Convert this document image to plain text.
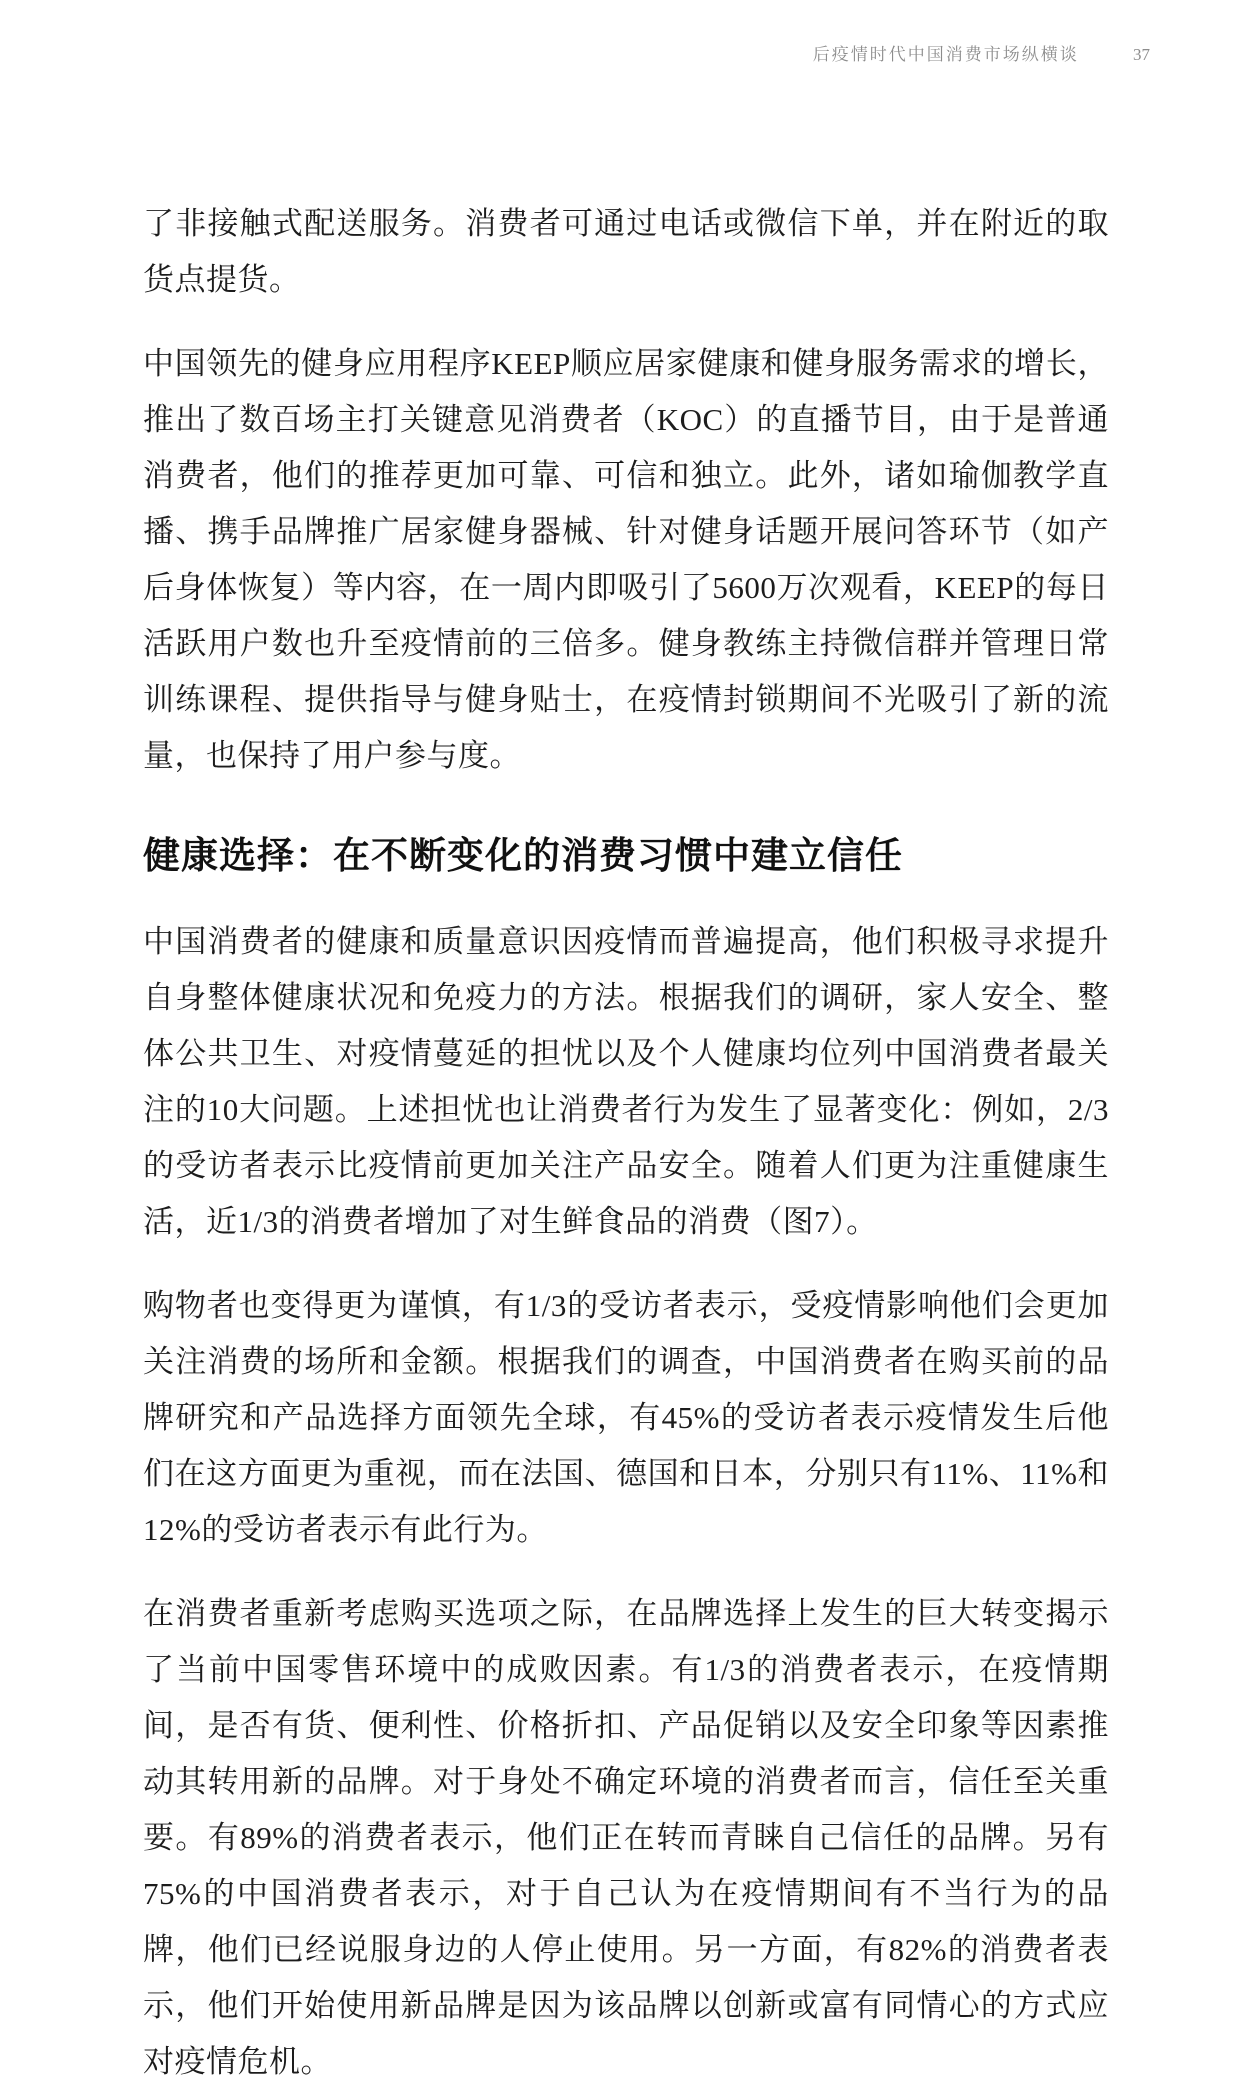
后疫情时代中国消费市场纵横谈	37

了非接触式配送服务。消费者可通过电话或微信下单，并在附近的取货点提货。

中国领先的健身应用程序KEEP顺应居家健康和健身服务需求的增长，推出了数百场主打关键意见消费者（KOC）的直播节目，由于是普通消费者，他们的推荐更加可靠、可信和独立。此外，诸如瑜伽教学直播、携手品牌推广居家健身器械、针对健身话题开展问答环节（如产后身体恢复）等内容，在一周内即吸引了5600万次观看，KEEP的每日活跃用户数也升至疫情前的三倍多。健身教练主持微信群并管理日常训练课程、提供指导与健身贴士，在疫情封锁期间不光吸引了新的流量，也保持了用户参与度。

健康选择：在不断变化的消费习惯中建立信任

中国消费者的健康和质量意识因疫情而普遍提高，他们积极寻求提升自身整体健康状况和免疫力的方法。根据我们的调研，家人安全、整体公共卫生、对疫情蔓延的担忧以及个人健康均位列中国消费者最关注的10大问题。上述担忧也让消费者行为发生了显著变化：例如，2/3的受访者表示比疫情前更加关注产品安全。随着人们更为注重健康生活，近1/3的消费者增加了对生鲜食品的消费（图7）。

购物者也变得更为谨慎，有1/3的受访者表示，受疫情影响他们会更加关注消费的场所和金额。根据我们的调查，中国消费者在购买前的品牌研究和产品选择方面领先全球，有45%的受访者表示疫情发生后他们在这方面更为重视，而在法国、德国和日本，分别只有11%、11%和12%的受访者表示有此行为。

在消费者重新考虑购买选项之际，在品牌选择上发生的巨大转变揭示了当前中国零售环境中的成败因素。有1/3的消费者表示，在疫情期间，是否有货、便利性、价格折扣、产品促销以及安全印象等因素推动其转用新的品牌。对于身处不确定环境的消费者而言，信任至关重要。有89%的消费者表示，他们正在转而青睐自己信任的品牌。另有75%的中国消费者表示，对于自己认为在疫情期间有不当行为的品牌，他们已经说服身边的人停止使用。另一方面，有82%的消费者表示，他们开始使用新品牌是因为该品牌以创新或富有同情心的方式应对疫情危机。
